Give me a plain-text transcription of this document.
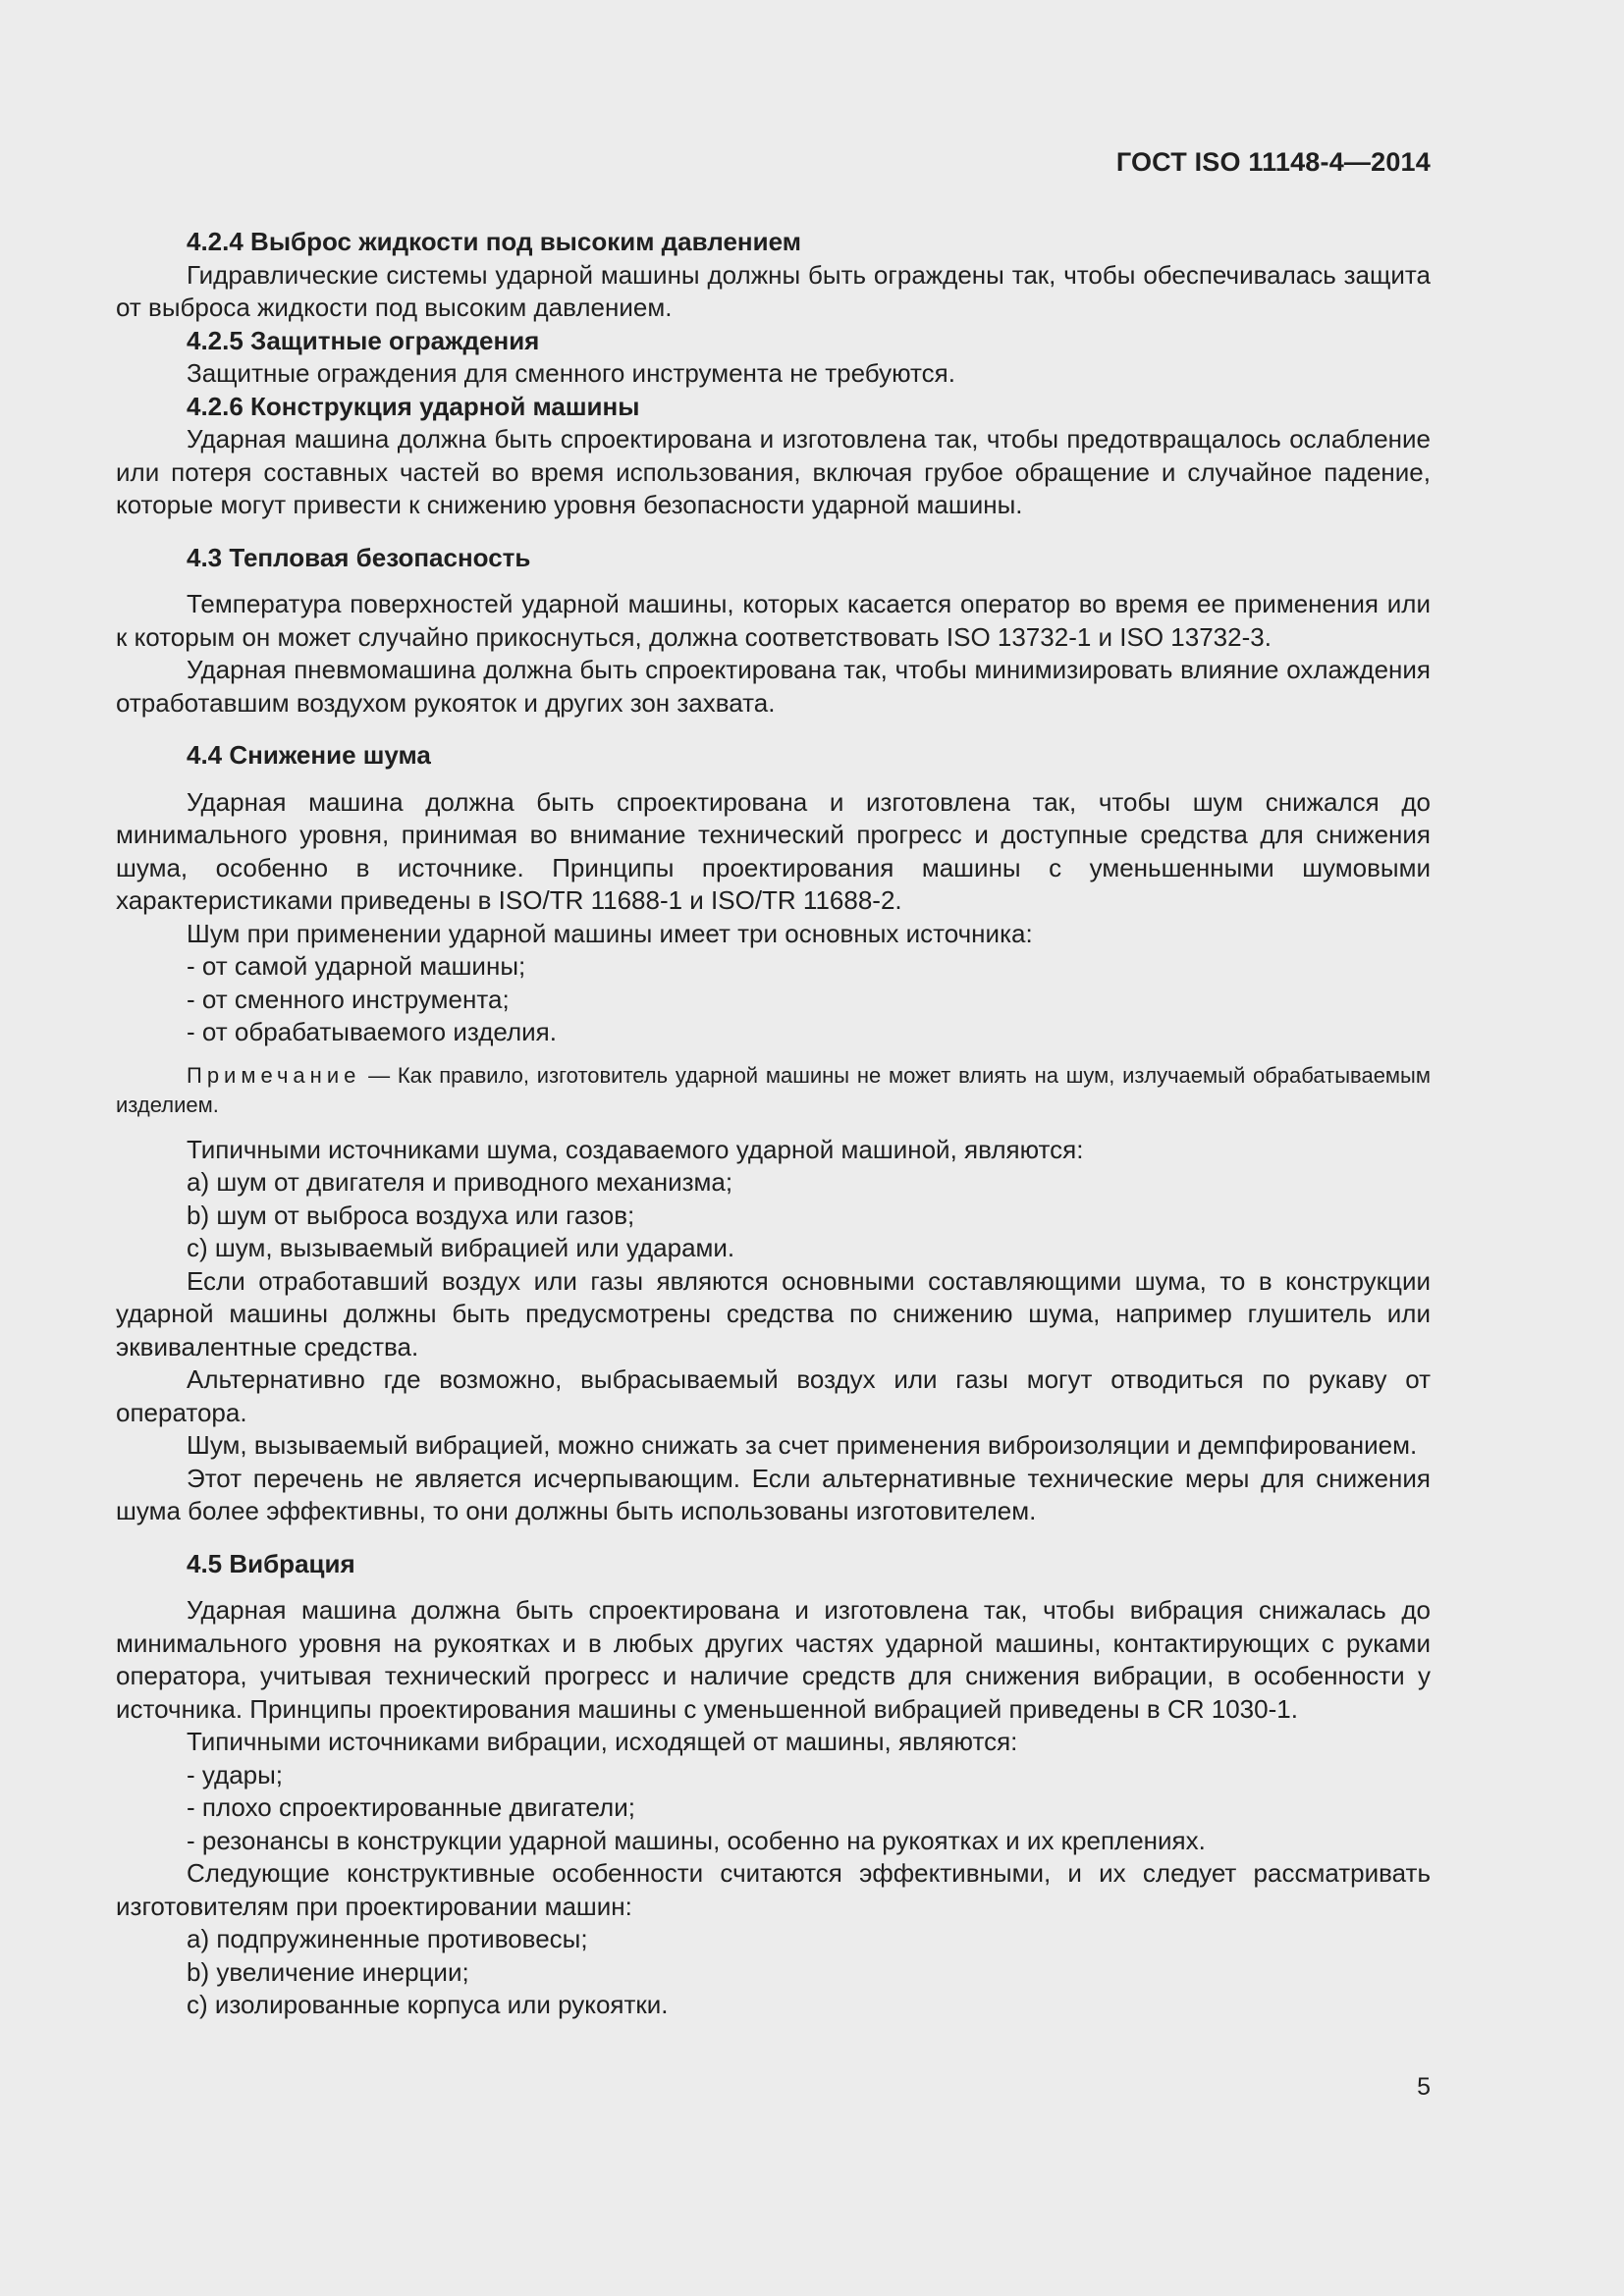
ГОСТ ISO 11148-4—2014

4.2.4 Выброс жидкости под высоким давлением

Гидравлические системы ударной машины должны быть ограждены так, чтобы обеспечивалась защита от выброса жидкости под высоким давлением.

4.2.5 Защитные ограждения

Защитные ограждения для сменного инструмента не требуются.

4.2.6 Конструкция ударной машины

Ударная машина должна быть спроектирована и изготовлена так, чтобы предотвращалось ослабление или потеря составных частей во время использования, включая грубое обращение и случайное падение, которые могут привести к снижению уровня безопасности ударной машины.

4.3 Тепловая безопасность

Температура поверхностей ударной машины, которых касается оператор во время ее применения или к которым он может случайно прикоснуться, должна соответствовать ISO 13732-1 и ISO 13732-3.

Ударная пневмомашина должна быть спроектирована так, чтобы минимизировать влияние охлаждения отработавшим воздухом рукояток и других зон захвата.

4.4 Снижение шума

Ударная машина должна быть спроектирована и изготовлена так, чтобы шум снижался до минимального уровня, принимая во внимание технический прогресс и доступные средства для снижения шума, особенно в источнике. Принципы проектирования машины с уменьшенными шумовыми характеристиками приведены в ISO/TR 11688-1 и ISO/TR 11688-2.

Шум при применении ударной машины имеет три основных источника:

- от самой ударной машины;

- от сменного инструмента;

- от обрабатываемого изделия.

Примечание — Как правило, изготовитель ударной машины не может влиять на шум, излучаемый обрабатываемым изделием.

Типичными источниками шума, создаваемого ударной машиной, являются:

a) шум от двигателя и приводного механизма;

b) шум от выброса воздуха или газов;

c) шум, вызываемый вибрацией или ударами.

Если отработавший воздух или газы являются основными составляющими шума, то в конструкции ударной машины должны быть предусмотрены средства по снижению шума, например глушитель или эквивалентные средства.

Альтернативно где возможно, выбрасываемый воздух или газы могут отводиться по рукаву от оператора.

Шум, вызываемый вибрацией, можно снижать за счет применения виброизоляции и демпфированием.

Этот перечень не является исчерпывающим. Если альтернативные технические меры для снижения шума более эффективны, то они должны быть использованы изготовителем.

4.5 Вибрация

Ударная машина должна быть спроектирована и изготовлена так, чтобы вибрация снижалась до минимального уровня на рукоятках и в любых других частях ударной машины, контактирующих с руками оператора, учитывая технический прогресс и наличие средств для снижения вибрации, в особенности у источника. Принципы проектирования машины с уменьшенной вибрацией приведены в CR 1030-1.

Типичными источниками вибрации, исходящей от машины, являются:

- удары;

- плохо спроектированные двигатели;

- резонансы в конструкции ударной машины, особенно на рукоятках и их креплениях.

Следующие конструктивные особенности считаются эффективными, и их следует рассматривать изготовителям при проектировании машин:

a) подпружиненные противовесы;

b) увеличение инерции;

c) изолированные корпуса или рукоятки.

5
